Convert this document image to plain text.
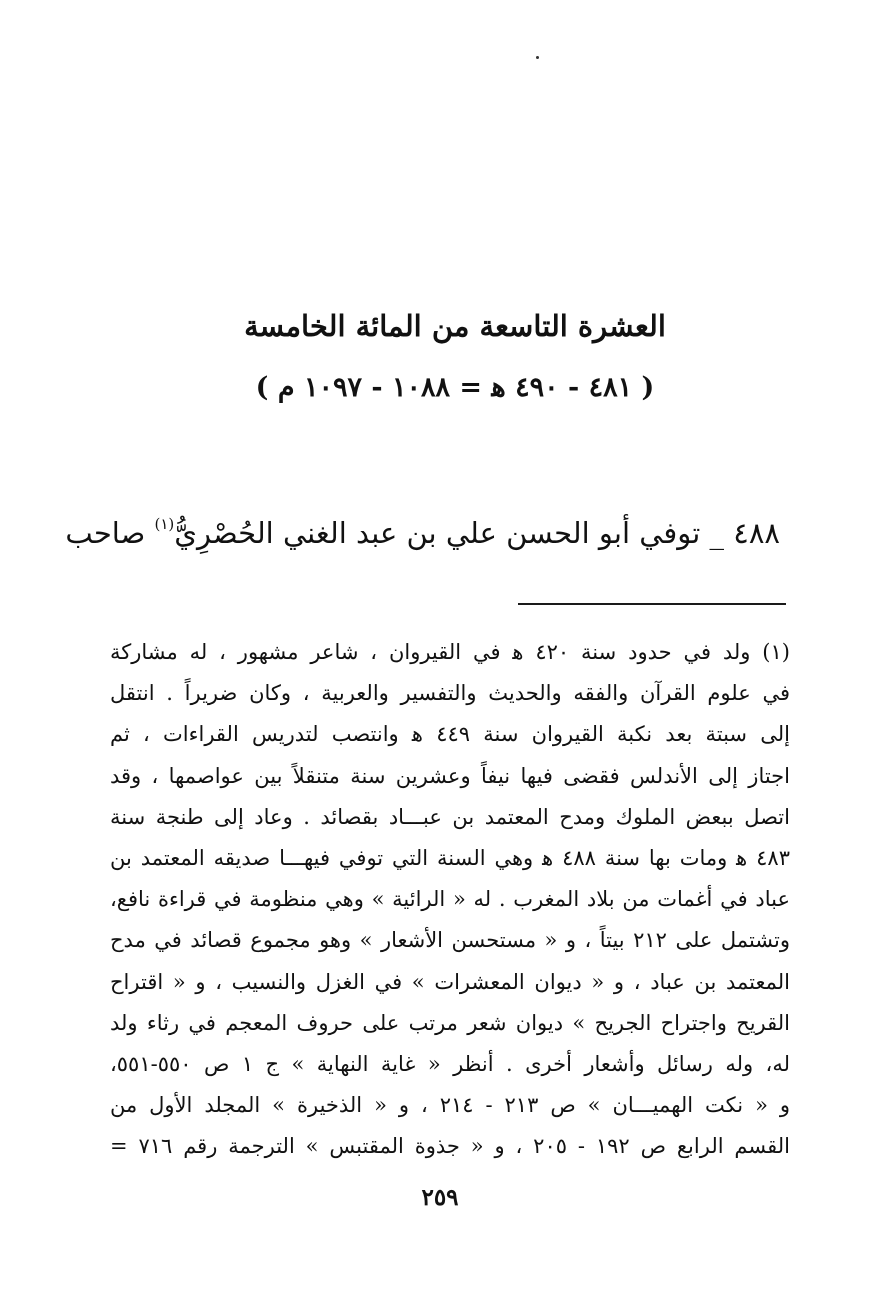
العشرة التاسعة من المائة الخامسة
( ٤٨١ - ٤٩٠ ﻫ = ١٠٨٨ - ١٠٩٧ م )
٤٨٨ _ توفي أبو الحسن علي بن عبد الغني الحُصْرِيُّ$^{(١)}$ صاحب
(١) ولد في حدود سنة ٤٢٠ ﻫ في القيروان ، شاعر مشهور ، له مشاركة
في علوم القرآن والفقه والحديث والتفسير والعربية ، وكان ضريراً . انتقل
إلى سبتة بعد نكبة القيروان سنة ٤٤٩ ﻫ وانتصب لتدريس القراءات ، ثم
اجتاز إلى الأندلس فقضى فيها نيفاً وعشرين سنة متنقلاً بين عواصمها ، وقد
اتصل ببعض الملوك ومدح المعتمد بن عبـــاد بقصائد . وعاد إلى طنجة سنة
٤٨٣ ﻫ ومات بها سنة ٤٨٨ ﻫ وهي السنة التي توفي فيهـــا صديقه المعتمد بن
عباد في أغمات من بلاد المغرب . له « الرائية » وهي منظومة في قراءة نافع،
وتشتمل على ٢١٢ بيتاً ، و « مستحسن الأشعار » وهو مجموع قصائد في مدح
المعتمد بن عباد ، و « ديوان المعشرات » في الغزل والنسيب ، و « اقتراح
القريح واجتراح الجريح » ديوان شعر مرتب على حروف المعجم في رثاء ولد
له، وله رسائل وأشعار أخرى . أنظر « غاية النهاية » ج ١ ص ٥٥٠-٥٥١،
و « نكت الهميـــان » ص ٢١٣ - ٢١٤ ، و « الذخيرة » المجلد الأول من
القسم الرابع ص ١٩٢ - ٢٠٥ ، و « جذوة المقتبس » الترجمة رقم ٧١٦ =
٢٥٩
